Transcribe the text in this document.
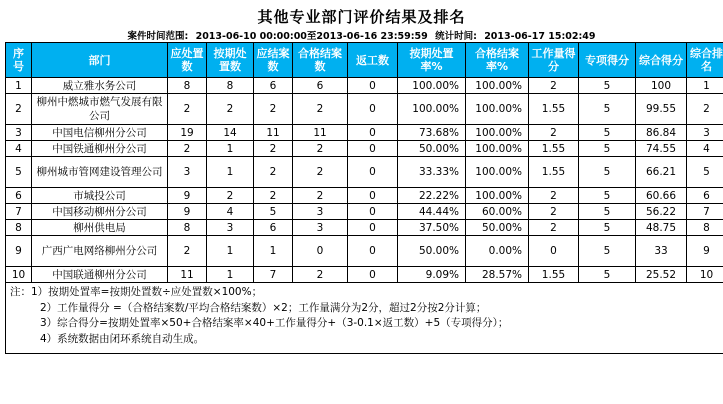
其他专业部门评价结果及排名
案件时间范围: 2013-06-10 00:00:00至2013-06-16 23:59:59 统计时间: 2013-06-17 15:02:49
序号	部门	应处置数	按期处置数	应结案数	合格结案数	返工数	按期处置率%	合格结案率%	工作量得分	专项得分	综合得分	综合排名
1	威立雅水务公司	8	8	6	6	0	100.00%	100.00%	2	5	100	1
2	柳州中燃城市燃气发展有限公司	2	2	2	2	0	100.00%	100.00%	1.55	5	99.55	2
3	中国电信柳州分公司	19	14	11	11	0	73.68%	100.00%	2	5	86.84	3
4	中国铁通柳州分公司	2	1	2	2	0	50.00%	100.00%	1.55	5	74.55	4
5	柳州城市管网建设管理公司	3	1	2	2	0	33.33%	100.00%	1.55	5	66.21	5
6	市城投公司	9	2	2	2	0	22.22%	100.00%	2	5	60.66	6
7	中国移动柳州分公司	9	4	5	3	0	44.44%	60.00%	2	5	56.22	7
8	柳州供电局	8	3	6	3	0	37.50%	50.00%	2	5	48.75	8
9	广西广电网络柳州分公司	2	1	1	0	0	50.00%	0.00%	0	5	33	9
10	中国联通柳州分公司	11	1	7	2	0	9.09%	28.57%	1.55	5	25.52	10

注：1）按期处置率=按期处置数÷应处置数×100%；
2）工作量得分 =（合格结案数/平均合格结案数）×2；工作量满分为2分，超过2分按2分计算；
3）综合得分=按期处置率×50+合格结案率×40+工作量得分+（3-0.1×返工数）+5（专项得分）；
4）系统数据由闭环系统自动生成。												
